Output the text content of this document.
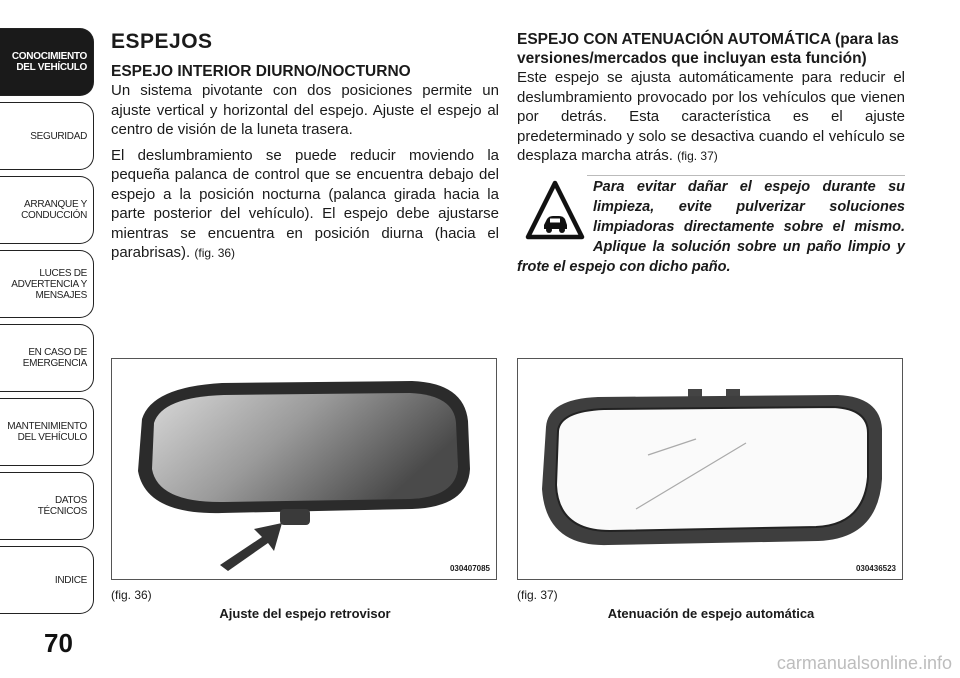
CONOCIMIENTO
DEL VEHÍCULO
SEGURIDAD
ARRANQUE Y
CONDUCCIÓN
LUCES DE
ADVERTENCIA Y
MENSAJES
EN CASO DE
EMERGENCIA
MANTENIMIENTO
DEL VEHÍCULO
DATOS
TÉCNICOS
INDICE
70
ESPEJOS
ESPEJO INTERIOR DIURNO/NOCTURNO

Un sistema pivotante con dos posiciones permite un ajuste vertical y horizontal del espejo. Ajuste el espejo al centro de visión de la luneta trasera.

El deslumbramiento se puede reducir moviendo la pequeña palanca de control que se encuentra debajo del espejo a la posición nocturna (palanca girada hacia la parte posterior del vehículo). El espejo debe ajustarse mientras se encuentra en posición diurna (hacia el parabrisas). (fig. 36)

ESPEJO CON ATENUACIÓN AUTOMÁTICA (para las versiones/mercados que incluyan esta función)

Este espejo se ajusta automáticamente para reducir el deslumbramiento provocado por los vehículos que vienen por detrás. Esta característica es el ajuste predeterminado y solo se desactiva cuando el vehículo se desplaza marcha atrás. (fig. 37)

Para evitar dañar el espejo durante su limpieza, evite pulverizar soluciones limpiadoras directamente sobre el mismo. Aplique la solución sobre un paño limpio y frote el espejo con dicho paño.

030407085
(fig. 36)
Ajuste del espejo retrovisor
030436523
(fig. 37)
Atenuación de espejo automática
carmanualsonline.info
